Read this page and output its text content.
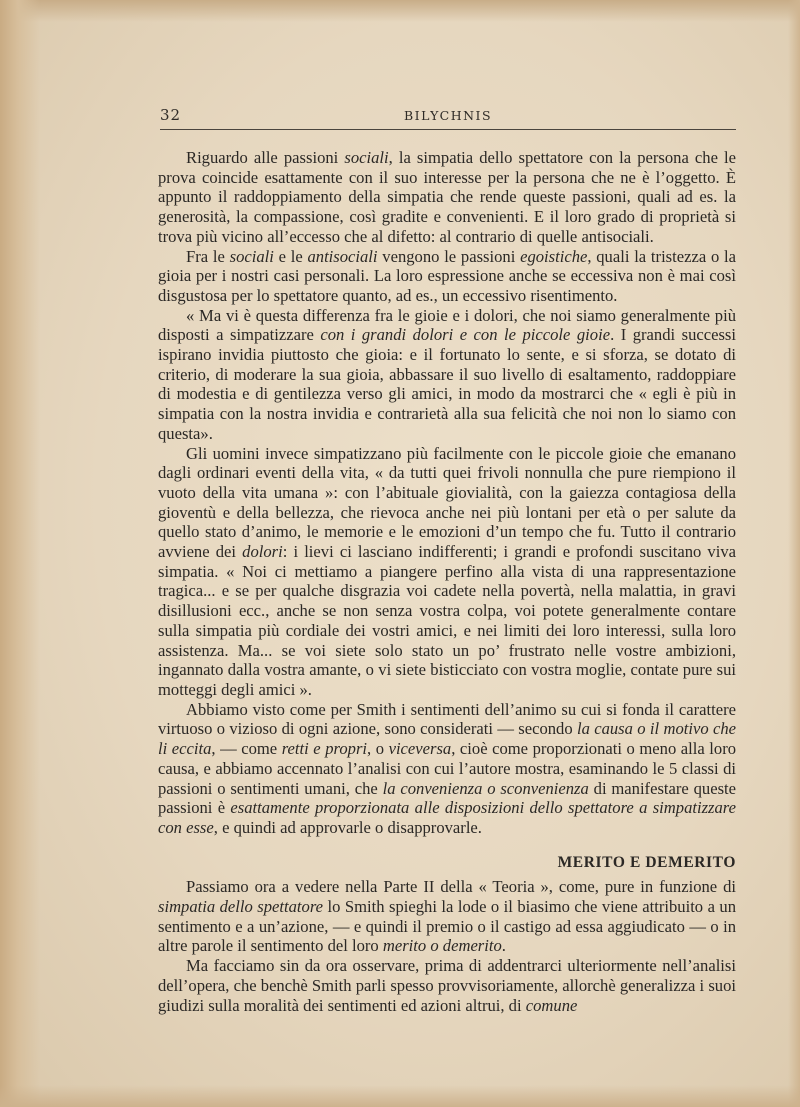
32	BILYCHNIS

Riguardo alle passioni sociali, la simpatia dello spettatore con la persona che le prova coincide esattamente con il suo interesse per la persona che ne è l’oggetto. È appunto il raddoppiamento della simpatia che rende queste passioni, quali ad es. la generosità, la compassione, così gradite e convenienti. E il loro grado di proprietà si trova più vicino all’eccesso che al difetto: al contrario di quelle antisociali.

Fra le sociali e le antisociali vengono le passioni egoistiche, quali la tristezza o la gioia per i nostri casi personali. La loro espressione anche se eccessiva non è mai così disgustosa per lo spettatore quanto, ad es., un eccessivo risentimento.

« Ma vi è questa differenza fra le gioie e i dolori, che noi siamo generalmente più disposti a simpatizzare con i grandi dolori e con le piccole gioie. I grandi successi ispirano invidia piuttosto che gioia: e il fortunato lo sente, e si sforza, se dotato di criterio, di moderare la sua gioia, abbassare il suo livello di esaltamento, raddoppiare di modestia e di gentilezza verso gli amici, in modo da mostrarci che « egli è più in simpatia con la nostra invidia e contrarietà alla sua felicità che noi non lo siamo con questa».

Gli uomini invece simpatizzano più facilmente con le piccole gioie che emanano dagli ordinari eventi della vita, « da tutti quei frivoli nonnulla che pure riempiono il vuoto della vita umana »: con l’abituale giovialità, con la gaiezza contagiosa della gioventù e della bellezza, che rievoca anche nei più lontani per età o per salute da quello stato d’animo, le memorie e le emozioni d’un tempo che fu. Tutto il contrario avviene dei dolori: i lievi ci lasciano indifferenti; i grandi e profondi suscitano viva simpatia. « Noi ci mettiamo a piangere perfino alla vista di una rappresentazione tragica... e se per qualche disgrazia voi cadete nella povertà, nella malattia, in gravi disillusioni ecc., anche se non senza vostra colpa, voi potete generalmente contare sulla simpatia più cordiale dei vostri amici, e nei limiti dei loro interessi, sulla loro assistenza. Ma... se voi siete solo stato un po’ frustrato nelle vostre ambizioni, ingannato dalla vostra amante, o vi siete bisticciato con vostra moglie, contate pure sui motteggi degli amici ».

Abbiamo visto come per Smith i sentimenti dell’animo su cui si fonda il carattere virtuoso o vizioso di ogni azione, sono considerati — secondo la causa o il motivo che li eccita, — come retti e propri, o viceversa, cioè come proporzionati o meno alla loro causa, e abbiamo accennato l’analisi con cui l’autore mostra, esaminando le 5 classi di passioni o sentimenti umani, che la convenienza o sconvenienza di manifestare queste passioni è esattamente proporzionata alle disposizioni dello spettatore a simpatizzare con esse, e quindi ad approvarle o disapprovarle.

MERITO E DEMERITO

Passiamo ora a vedere nella Parte II della « Teoria », come, pure in funzione di simpatia dello spettatore lo Smith spieghi la lode o il biasimo che viene attribuito a un sentimento e a un’azione, — e quindi il premio o il castigo ad essa aggiudicato — o in altre parole il sentimento del loro merito o demerito.

Ma facciamo sin da ora osservare, prima di addentrarci ulteriormente nell’analisi dell’opera, che benchè Smith parli spesso provvisoriamente, allorchè generalizza i suoi giudizi sulla moralità dei sentimenti ed azioni altrui, di comune
